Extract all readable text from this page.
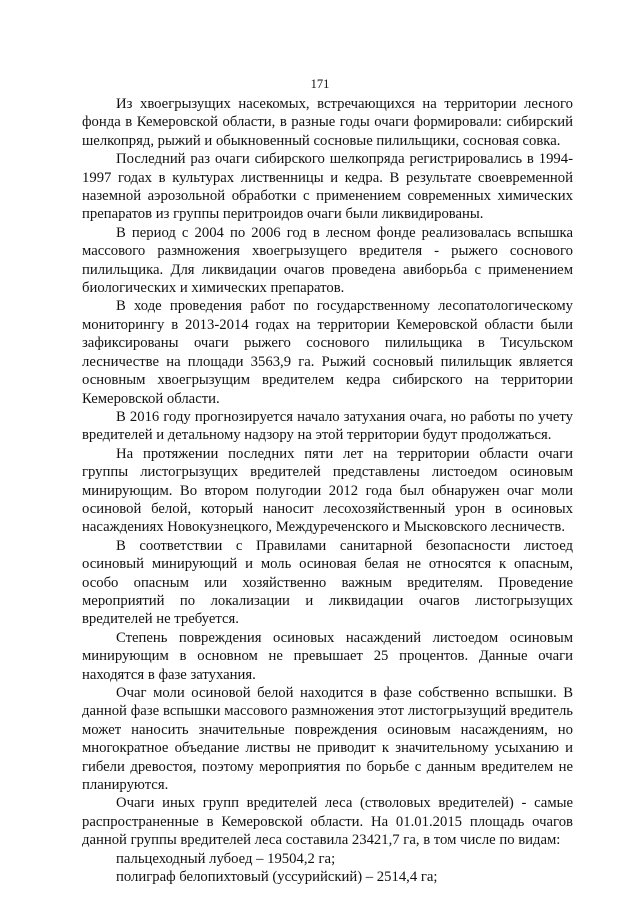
171

Из хвоегрызущих насекомых, встречающихся на территории лесного фонда в Кемеровской области, в разные годы очаги формировали: сибирский шелкопряд, рыжий и обыкновенный сосновые пилильщики, сосновая совка.

Последний раз очаги сибирского шелкопряда регистрировались в 1994-1997 годах в культурах лиственницы и кедра. В результате своевременной наземной аэрозольной обработки с применением современных химических препаратов из группы перитроидов очаги были ликвидированы.

В период с 2004 по 2006 год в лесном фонде реализовалась вспышка массового размножения хвоегрызущего вредителя - рыжего соснового пилильщика. Для ликвидации очагов проведена авиборьба с применением биологических и химических препаратов.

В ходе проведения работ по государственному лесопатологическому мониторингу в 2013-2014 годах на территории Кемеровской области были зафиксированы очаги рыжего соснового пилильщика в Тисульском лесничестве на площади 3563,9 га. Рыжий сосновый пилильщик является основным хвоегрызущим вредителем кедра сибирского на территории Кемеровской области.

В 2016 году прогнозируется начало затухания очага, но работы по учету вредителей и детальному надзору на этой территории будут продолжаться.

На протяжении последних пяти лет на территории области очаги группы листогрызущих вредителей представлены листоедом осиновым минирующим. Во втором полугодии 2012 года был обнаружен очаг моли осиновой белой, который наносит лесохозяйственный урон в осиновых насаждениях Новокузнецкого, Междуреченского и Мысковского лесничеств.

В соответствии с Правилами санитарной безопасности листоед осиновый минирующий и моль осиновая белая не относятся к опасным, особо опасным или хозяйственно важным вредителям. Проведение мероприятий по локализации и ликвидации очагов листогрызущих вредителей не требуется.

Степень повреждения осиновых насаждений листоедом осиновым минирующим в основном не превышает 25 процентов. Данные очаги находятся в фазе затухания.

Очаг моли осиновой белой находится в фазе собственно вспышки. В данной фазе вспышки массового размножения этот листогрызущий вредитель может наносить значительные повреждения осиновым насаждениям, но многократное объедание листвы не приводит к значительному усыханию и гибели древостоя, поэтому мероприятия по борьбе с данным вредителем не планируются.

Очаги иных групп вредителей леса (стволовых вредителей) - самые распространенные в Кемеровской области. На 01.01.2015 площадь очагов данной группы вредителей леса составила 23421,7 га, в том числе по видам:

пальцеходный лубоед – 19504,2 га;

полиграф белопихтовый (уссурийский) – 2514,4 га;
